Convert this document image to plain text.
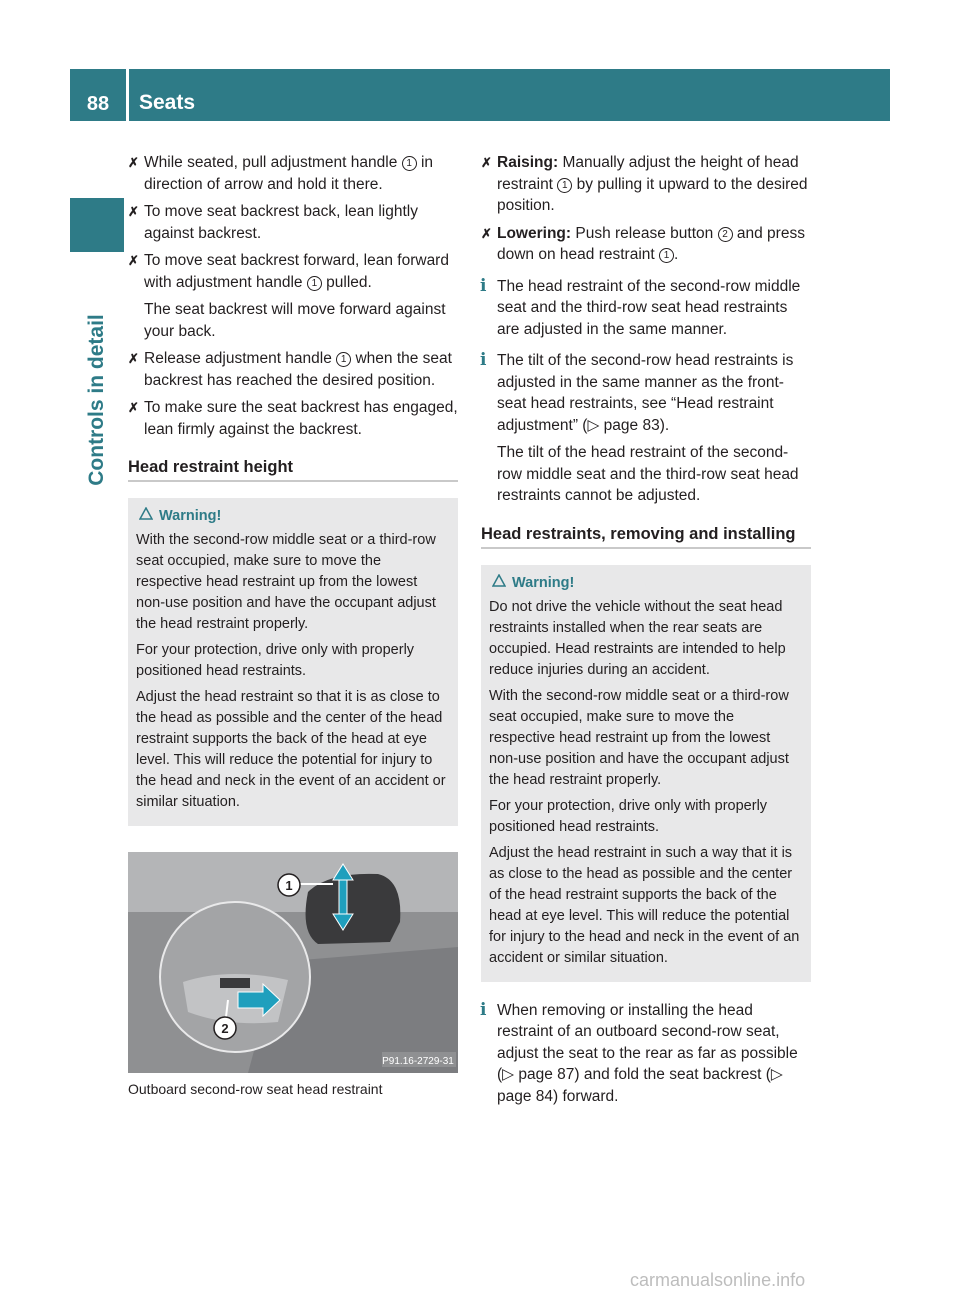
88	Seats
Controls in detail
✗ While seated, pull adjustment handle 1 in direction of arrow and hold it there.
✗ To move seat backrest back, lean lightly against backrest.
✗ To move seat backrest forward, lean forward with adjustment handle 1 pulled.

The seat backrest will move forward against your back.

✗ Release adjustment handle 1 when the seat backrest has reached the desired position.
✗ To make sure the seat backrest has engaged, lean firmly against the backrest.
Head restraint height
Warning!

With the second-row middle seat or a third-row seat occupied, make sure to move the respective head restraint up from the lowest non-use position and have the occupant adjust the head restraint properly.

For your protection, drive only with properly positioned head restraints.

Adjust the head restraint so that it is as close to the head as possible and the center of the head restraint supports the back of the head at eye level. This will reduce the potential for injury to the head and neck in the event of an accident or similar situation.

1
2
P91.16-2729-31
Outboard second-row seat head restraint
✗ Raising: Manually adjust the height of head restraint 1 by pulling it upward to the desired position.
✗ Lowering: Push release button 2 and press down on head restraint 1 .
i The head restraint of the second-row middle seat and the third-row seat head restraints are adjusted in the same manner.
i The tilt of the second-row head restraints is adjusted in the same manner as the front-seat head restraints, see “Head restraint adjustment” (▷ page 83).

The tilt of the head restraint of the second-row middle seat and the third-row seat head restraints cannot be adjusted.

Head restraints, removing and installing
Warning!

Do not drive the vehicle without the seat head restraints installed when the rear seats are occupied. Head restraints are intended to help reduce injuries during an accident.

With the second-row middle seat or a third-row seat occupied, make sure to move the respective head restraint up from the lowest non-use position and have the occupant adjust the head restraint properly.

For your protection, drive only with properly positioned head restraints.

Adjust the head restraint in such a way that it is as close to the head as possible and the center of the head restraint supports the back of the head at eye level. This will reduce the potential for injury to the head and neck in the event of an accident or similar situation.

i When removing or installing the head restraint of an outboard second-row seat, adjust the seat to the rear as far as possible (▷ page 87) and fold the seat backrest (▷ page 84) forward.
carmanualsonline.info
